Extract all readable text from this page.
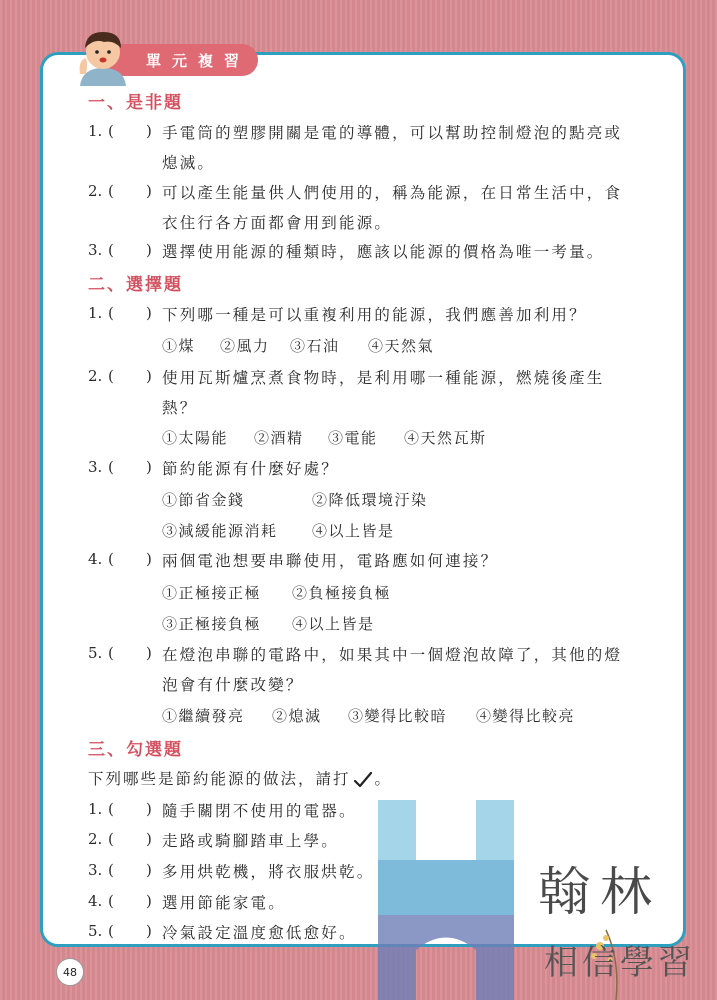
單元複習
一、是非題
1. ( ) 手電筒的塑膠開關是電的導體，可以幫助控制燈泡的點亮或
熄滅。
2. ( ) 可以產生能量供人們使用的，稱為能源，在日常生活中，食
衣住行各方面都會用到能源。
3. ( ) 選擇使用能源的種類時，應該以能源的價格為唯一考量。
二、選擇題
1. ( ) 下列哪一種是可以重複利用的能源，我們應善加利用？
①煤 ②風力 ③石油 ④天然氣
2. ( ) 使用瓦斯爐烹煮食物時，是利用哪一種能源，燃燒後產生
熱？
①太陽能 ②酒精 ③電能 ④天然瓦斯
3. ( ) 節約能源有什麼好處？
①節省金錢	②降低環境汙染
③減緩能源消耗 ④以上皆是
4. ( ) 兩個電池想要串聯使用，電路應如何連接？
①正極接正極 ②負極接負極
③正極接負極 ④以上皆是
5. ( ) 在燈泡串聯的電路中，如果其中一個燈泡故障了，其他的燈
泡會有什麼改變？
①繼續發亮 ②熄滅 ③變得比較暗 ④變得比較亮
三、勾選題
下列哪些是節約能源的做法，請打 。
1. ( ) 隨手關閉不使用的電器。
2. ( ) 走路或騎腳踏車上學。
3. ( ) 多用烘乾機，將衣服烘乾。
4. ( ) 選用節能家電。
5. ( ) 冷氣設定溫度愈低愈好。
48
翰林
相信學習
